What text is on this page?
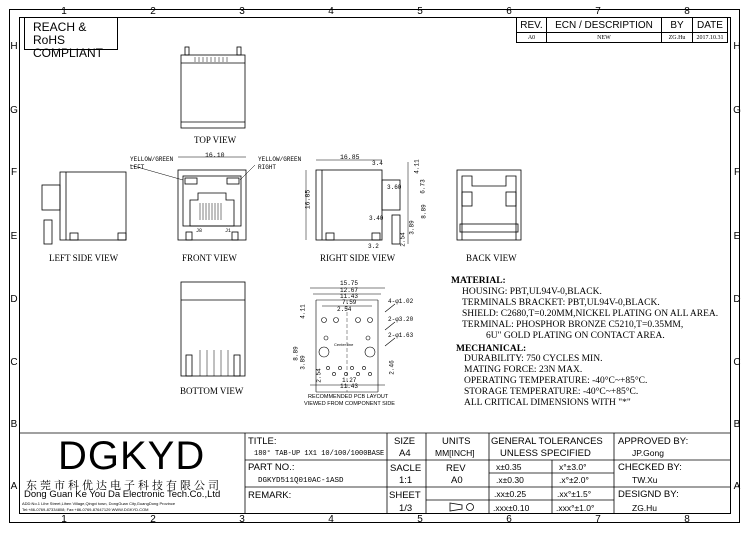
1	2	3	4	5	6	7	8
1	2	3	4	5	6	7	8
H
G
F
E
D
C
B
A
H
G
F
E
D
C
B
A
REACH & RoHS
COMPLIANT
REV.	ECN / DESCRIPTION	BY	DATE
A0	NEW	ZG.Hu	2017.10.31
TOP VIEW
LEFT SIDE VIEW	FRONT VIEW	RIGHT SIDE VIEW	BACK VIEW
BOTTOM VIEW
RECOMMENDED PCB LAYOUT
VIEWED FROM COMPONENT SIDE
YELLOW/GREEN
LEFT
YELLOW/GREEN
RIGHT
16.10
J8	J1
16.85
16.85
3.4	4.11
3.60	6.73
3.40	8.89
3.89
2.54
3.2
15.75
12.67
11.43
7.59
2.54
4.11
4-φ1.02
2-φ3.20
2-φ1.63
8.89
3.89
2.54
2.46
1.27
11.43
Center line
MATERIAL:
HOUSING: PBT,UL94V-0,BLACK.
TERMINALS BRACKET: PBT,UL94V-0,BLACK.
SHIELD: C2680,T=0.20MM,NICKEL PLATING ON ALL AREA.
TERMINAL: PHOSPHOR BRONZE C5210,T=0.35MM,
6U" GOLD PLATING ON CONTACT AREA.
MECHANICAL:
DURABILITY: 750 CYCLES MIN.
MATING FORCE: 23N MAX.
OPERATING TEMPERATURE: -40°C~+85°C.
STORAGE TEMPERATURE: -40°C~+85°C.
ALL CRITICAL DIMENSIONS WITH "*"
DGKYD
东莞市科优达电子科技有限公司
Dong Guan Ke You Da Electronic Tech.Co.,Ltd
ADD:No.1 Lihe Street,Lihen Village,Qingxi town, DongGuan City,GuangDong Province
Tel:+86-0769-87334808; Fax:+86-0769-87647129 WWW.DGKYD.COM
TITLE:
180° TAB-UP 1X1 10/100/1000BASE
PART NO.:
DGKYD511Q010AC-1ASD
REMARK:
SIZE
A4
UNITS
MM[INCH]
SACLE
1:1
REV
A0
SHEET
1/3
GENERAL TOLERANCES
UNLESS SPECIFIED
x±0.35	x°±3.0°
.x±0.30	.x°±2.0°
.xx±0.25	.xx°±1.5°
.xxx±0.10	.xxx°±1.0°
APPROVED BY:
JP.Gong
CHECKED BY:
TW.Xu
DESIGND BY:
ZG.Hu
